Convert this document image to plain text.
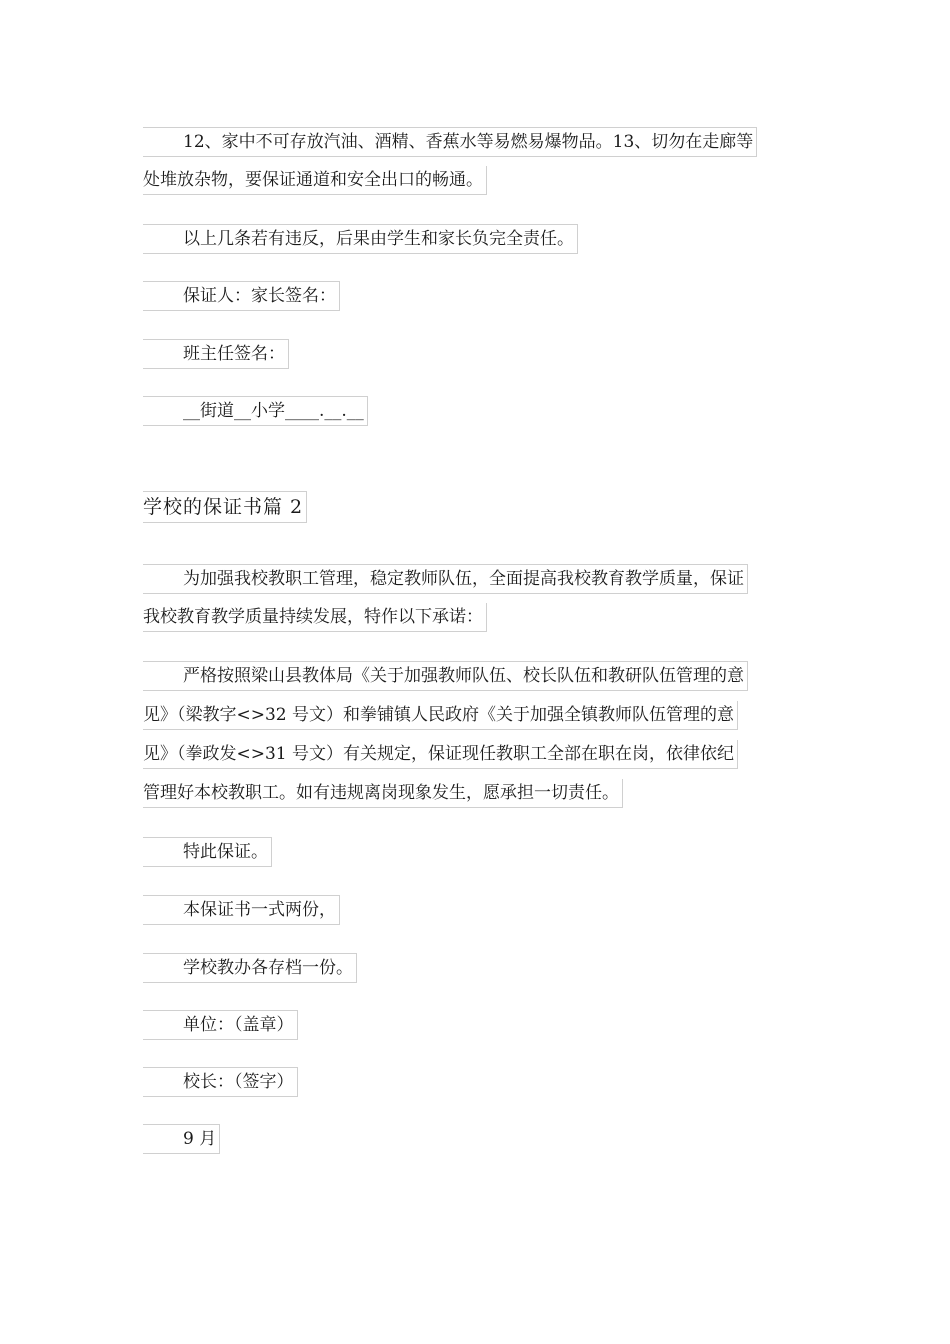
12、家中不可存放汽油、酒精、香蕉水等易燃易爆物品。13、切勿在走廊等
处堆放杂物，要保证通道和安全出口的畅通。
以上几条若有违反，后果由学生和家长负完全责任。
保证人：家长签名：
班主任签名：
__街道__小学____.__.__
学校的保证书篇 2
为加强我校教职工管理，稳定教师队伍，全面提高我校教育教学质量，保证
我校教育教学质量持续发展，特作以下承诺：
严格按照梁山县教体局《关于加强教师队伍、校长队伍和教研队伍管理的意
见》（梁教字<>32 号文）和拳铺镇人民政府《关于加强全镇教师队伍管理的意
见》（拳政发<>31 号文）有关规定，保证现任教职工全部在职在岗，依律依纪
管理好本校教职工。如有违规离岗现象发生，愿承担一切责任。
特此保证。
本保证书一式两份，
学校教办各存档一份。
单位：（盖章）
校长：（签字）
9 月
